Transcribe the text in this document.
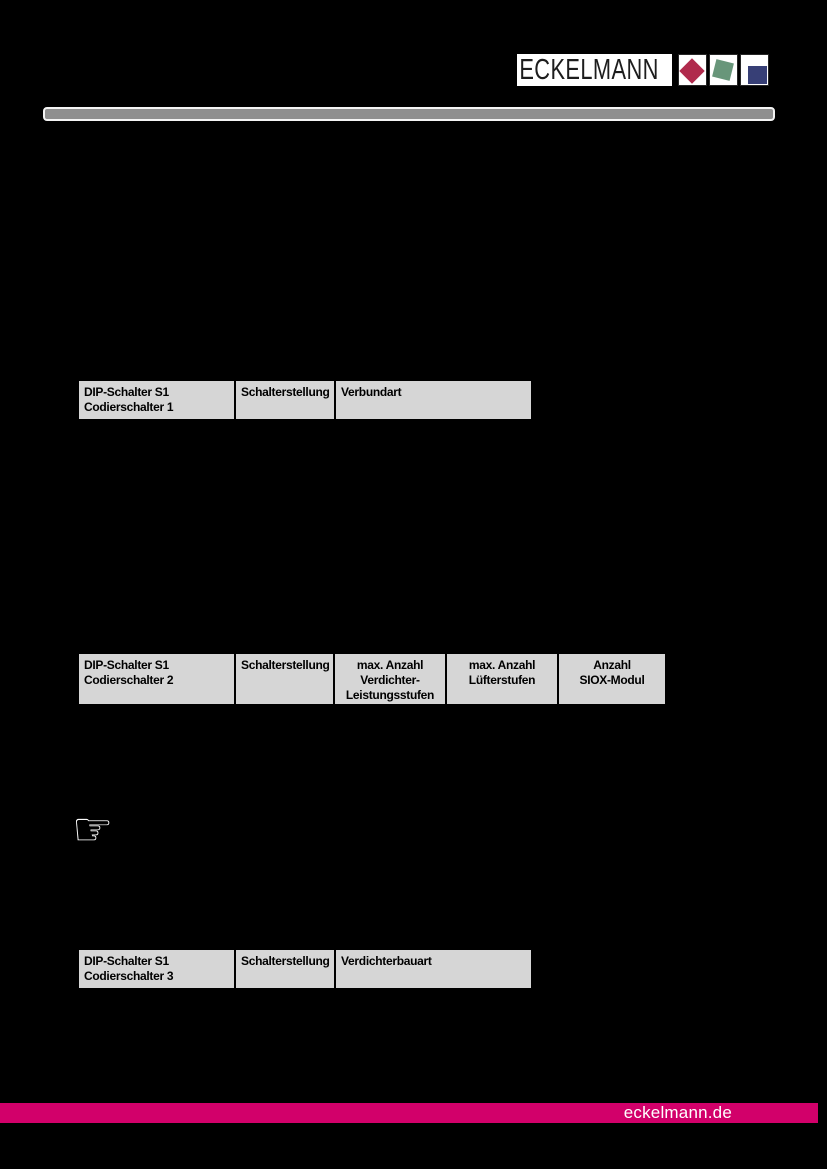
ECKELMANN
DIP-Schalter S1
Codierschalter 1
Schalterstellung Verbundart
DIP-Schalter S1
Codierschalter 2
Schalterstellung	max. Anzahl
Verdichter-
Leistungsstufen
max. Anzahl
Lüfterstufen
Anzahl
SIOX-Modul
☞
DIP-Schalter S1
Codierschalter 3
Schalterstellung Verdichterbauart
eckelmann.de
